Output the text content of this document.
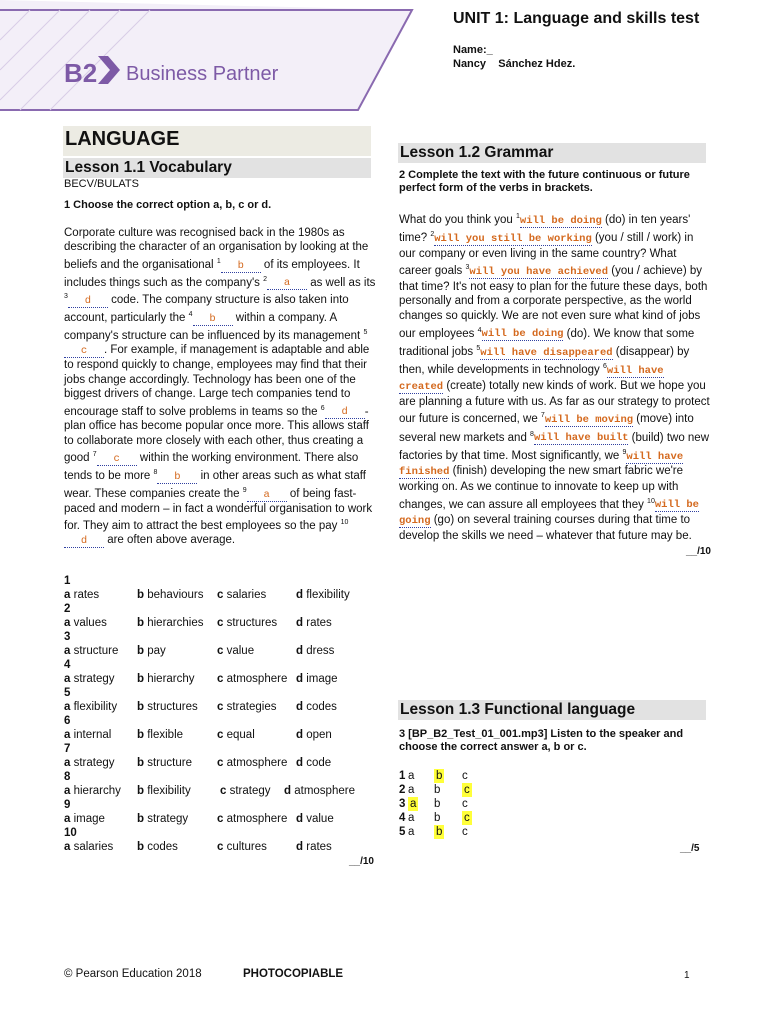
B2 Business Partner
UNIT 1: Language and skills test
Name:_
Nancy    Sánchez Hdez.
LANGUAGE
Lesson 1.1 Vocabulary
BECV/BULATS
1 Choose the correct option a, b, c or d.
Corporate culture was recognised back in the 1980s as describing the character of an organisation by looking at the beliefs and the organisational $^1$ b of its employees. It includes things such as the company's $^2$ a as well as its $^3$ d code. The company structure is also taken into account, particularly the $^4$ b within a company. A company's structure can be influenced by its management $^5$c . For example, if management is adaptable and able to respond quickly to change, employees may find that their jobs change accordingly. Technology has been one of the biggest drivers of change. Large tech companies tend to encourage staff to solve problems in teams so the $^6$ d -plan office has become popular once more. This allows staff to collaborate more closely with each other, thus creating a good $^7$ c within the working environment. There also tends to be more $^8$ b in other areas such as what staff wear. These companies create the $^9$ a of being fast-paced and modern – in fact a wonderful organisation to work for. They aim to attract the best employees so the pay $^{10}$d are often above average.
1
a rates	b behaviours c salaries	d flexibility
2
a values	b hierarchies c structures d rates
3
a structure b pay	c value	d dress
4
a strategy b hierarchy c atmosphere d image
5
a flexibility b structures c strategies d codes
6
a internal b flexible	c equal	d open
7
a strategy b structure c atmosphere d code
8
a hierarchy b flexibility	c strategy d atmosphere
9
a image	b strategy	c atmosphere d value
10
a salaries b codes	c cultures	d rates
__/10
Lesson 1.2 Grammar
2 Complete the text with the future continuous or future perfect form of the verbs in brackets.
What do you think you $^1$will be doing (do) in ten years' time? $^2$will you still be working (you / still / work) in our company or even living in the same country? What career goals $^3$will you have achieved (you / achieve) by that time? It's not easy to plan for the future these days, both personally and from a corporate perspective, as the world changes so quickly. We are not even sure what kind of jobs our employees $^4$will be doing (do). We know that some traditional jobs $^5$will have disappeared (disappear) by then, while developments in technology $^6$will have created (create) totally new kinds of work. But we hope you are planning a future with us. As far as our strategy to protect our future is concerned, we $^7$will be moving (move) into several new markets and $^8$will have built (build) two new factories by that time. Most significantly, we $^9$will have finished (finish) developing the new smart fabric we're working on. As we continue to innovate to keep up with changes, we can assure all employees that they $^{10}$will be going (go) on several training courses during that time to develop the skills we need – whatever that future may be.
__/10
Lesson 1.3 Functional language
3 [BP_B2_Test_01_001.mp3] Listen to the speaker and choose the correct answer a, b or c.
1 a b c
2 a b c
3 a b c
4 a b c
5 a b c
__/5
© Pearson Education 2018	PHOTOCOPIABLE	1
